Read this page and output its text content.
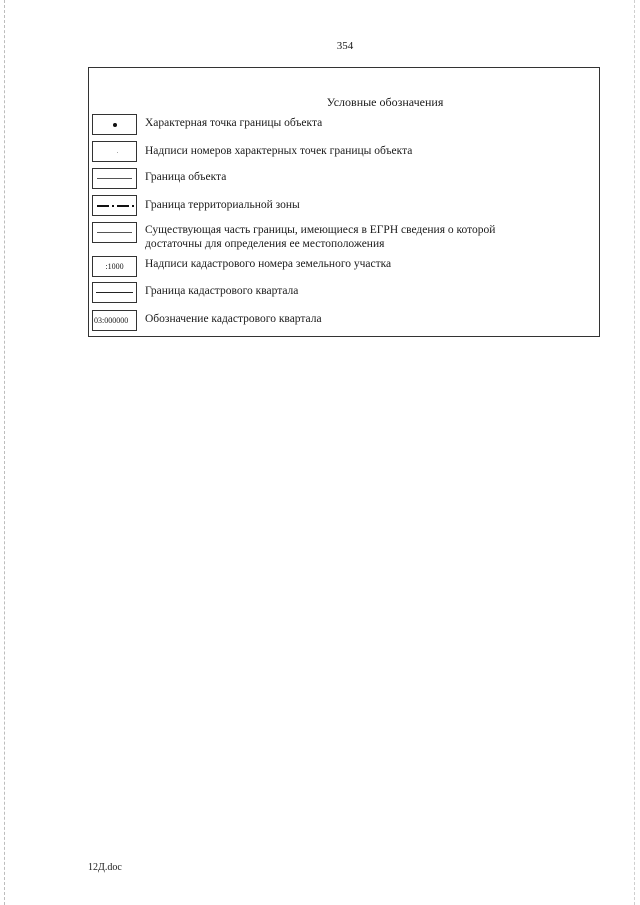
354
Условные обозначения
Характерная точка границы объекта
Надписи номеров характерных точек границы объекта
Граница объекта
Граница территориальной зоны
Существующая часть границы, имеющиеся в ЕГРН сведения о которой
достаточны для определения ее местоположения
:1000	Надписи кадастрового номера земельного участка
Граница кадастрового квартала
03:000000	Обозначение кадастрового квартала
12Д.doc
